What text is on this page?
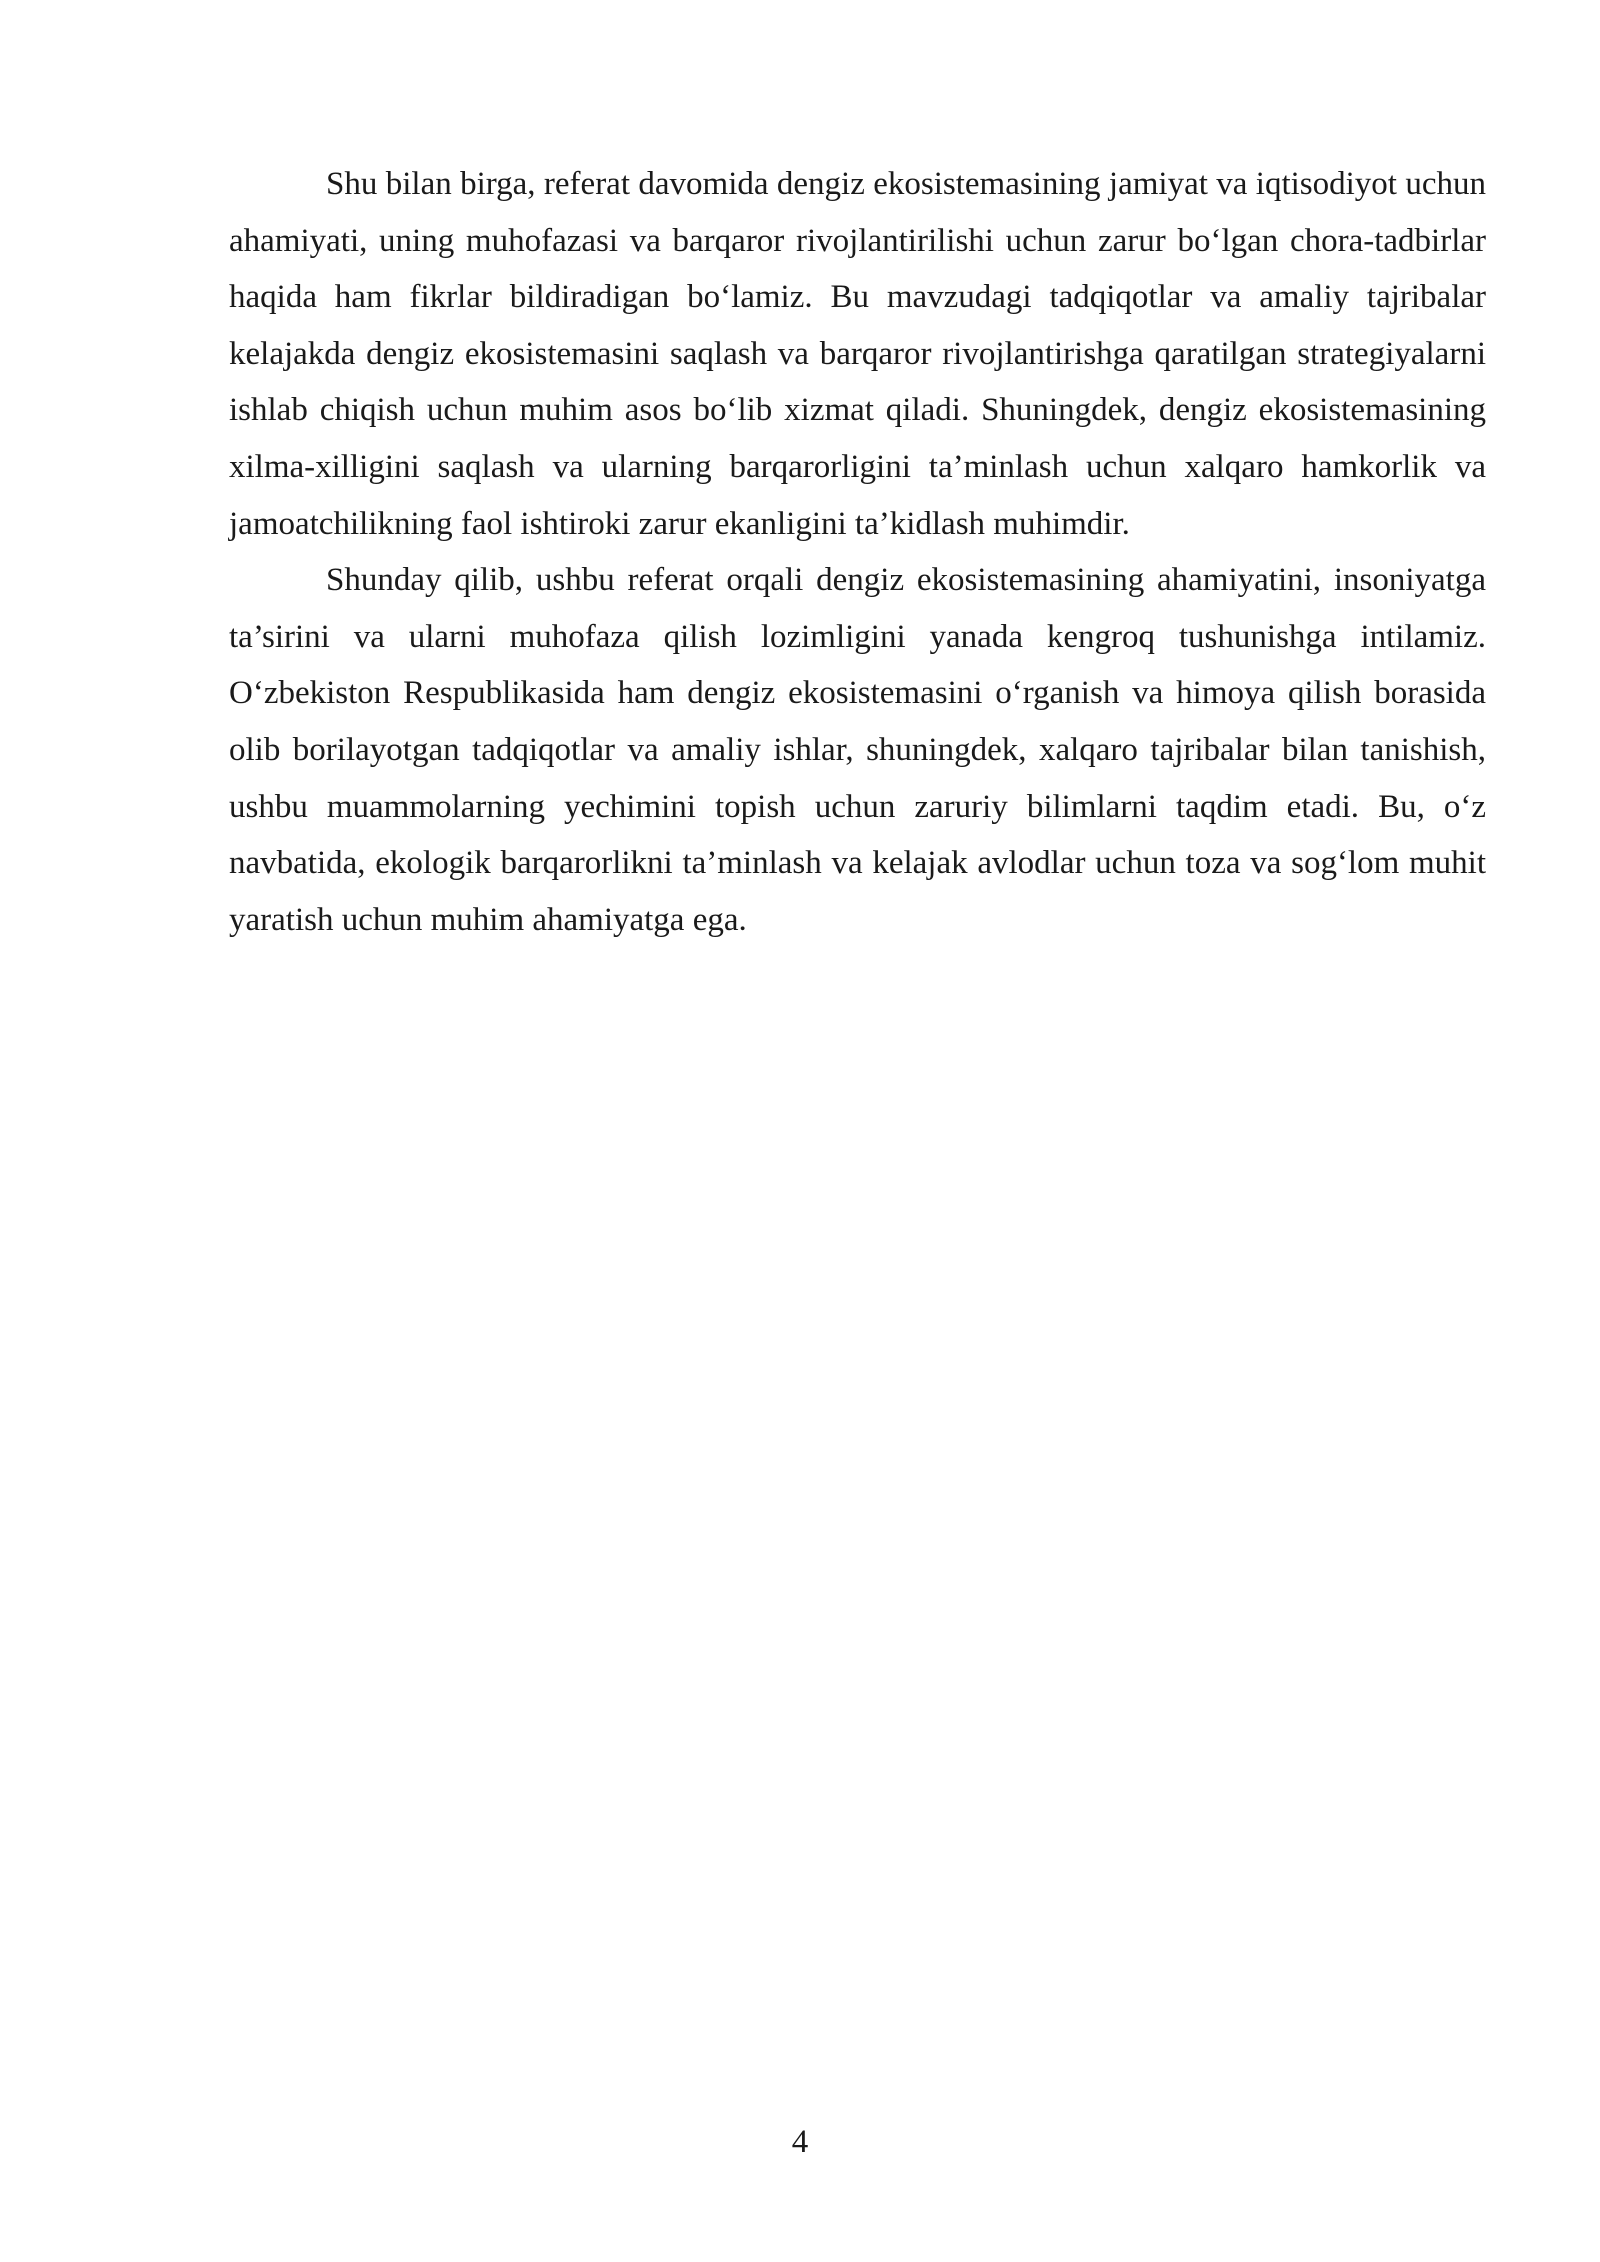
Shu bilan birga, referat davomida dengiz ekosistemasining jamiyat va iqtisodiyot uchun ahamiyati, uning muhofazasi va barqaror rivojlantirilishi uchun zarur bo‘lgan chora-tadbirlar haqida ham fikrlar bildiradigan bo‘lamiz. Bu mavzudagi tadqiqotlar va amaliy tajribalar kelajakda dengiz ekosistemasini saqlash va barqaror rivojlantirishga qaratilgan strategiyalarni ishlab chiqish uchun muhim asos bo‘lib xizmat qiladi. Shuningdek, dengiz ekosistemasining xilma-xilligini saqlash va ularning barqarorligini ta’minlash uchun xalqaro hamkorlik va jamoatchilikning faol ishtiroki zarur ekanligini ta’kidlash muhimdir.

Shunday qilib, ushbu referat orqali dengiz ekosistemasining ahamiyatini, insoniyatga ta’sirini va ularni muhofaza qilish lozimligini yanada kengroq tushunishga intilamiz. O‘zbekiston Respublikasida ham dengiz ekosistemasini o‘rganish va himoya qilish borasida olib borilayotgan tadqiqotlar va amaliy ishlar, shuningdek, xalqaro tajribalar bilan tanishish, ushbu muammolarning yechimini topish uchun zaruriy bilimlarni taqdim etadi. Bu, o‘z navbatida, ekologik barqarorlikni ta’minlash va kelajak avlodlar uchun toza va sog‘lom muhit yaratish uchun muhim ahamiyatga ega.

4
